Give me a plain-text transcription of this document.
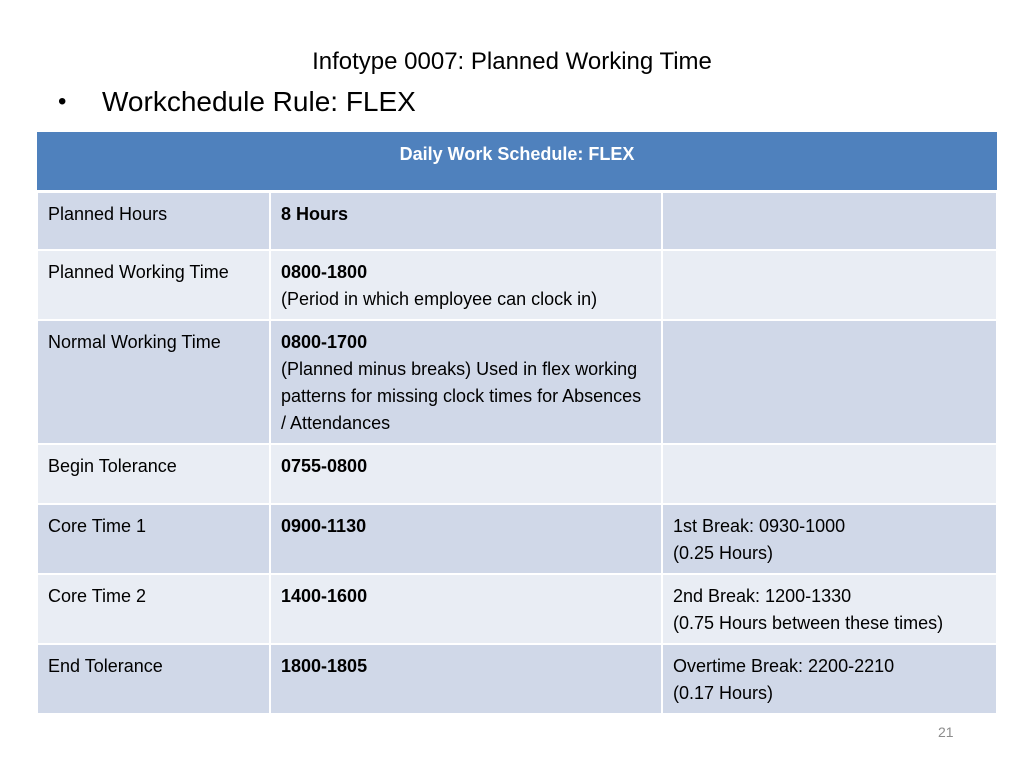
Infotype 0007: Planned Working Time
•	Workchedule Rule: FLEX
Daily Work Schedule: FLEX		
Planned Hours	8 Hours	

Planned Working Time	0800-1800
(Period in which employee can clock in)	

Normal Working Time	0800-1700
(Planned minus breaks) Used in flex working patterns for missing clock times for Absences / Attendances	

Begin Tolerance	0755-0800	

Core Time 1	0900-1130	1st Break: 0930-1000
(0.25 Hours)

Core Time 2	1400-1600	2nd Break: 1200-1330
(0.75 Hours between these times)

End Tolerance	1800-1805	Overtime Break: 2200-2210
(0.17 Hours)
21
